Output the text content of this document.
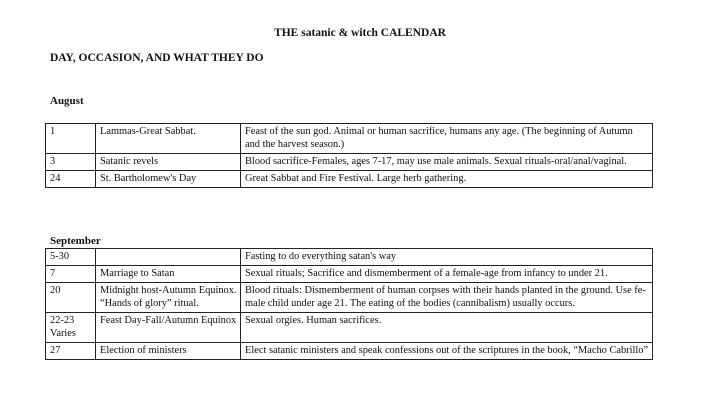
THE satanic & witch CALENDAR
DAY, OCCASION, AND WHAT THEY DO
August
1	Lammas-Great Sabbat.	Feast of the sun god. Animal or human sacrifice, humans any age. (The beginning of Autumn and the harvest season.)
3	Satanic revels	Blood sacrifice-Females, ages 7-17, may use male animals. Sexual rituals-oral/anal/vaginal.
24	St. Bartholomew's Day	Great Sabbat and Fire Festival. Large herb gathering.
September
5-30		Fasting to do everything satan's way
7	Marriage to Satan	Sexual rituals; Sacrifice and dismemberment of a female-age from infancy to under 21.
20	Midnight host-Autumn Equinox. “Hands of glory” ritual.	Blood rituals: Dismemberment of human corpses with their hands planted in the ground. Use fe-male child under age 21. The eating of the bodies (cannibalism) usually occurs.
22-23 Varies	Feast Day-Fall/Autumn Equinox	Sexual orgies. Human sacrifices.
27	Election of ministers	Elect satanic ministers and speak confessions out of the scriptures in the book, “Macho Cabrillo”
